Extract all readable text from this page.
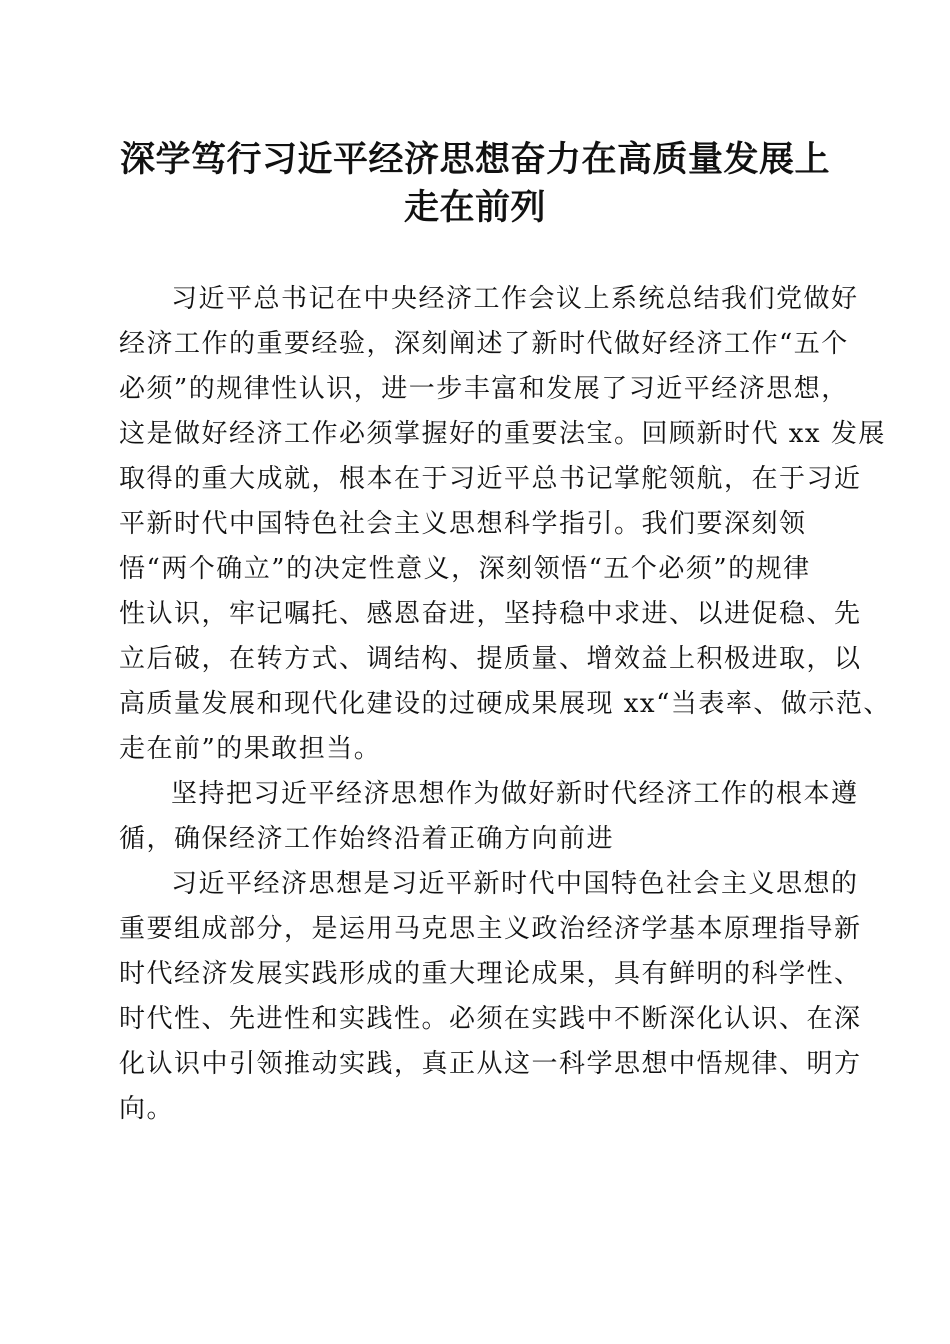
深学笃行习近平经济思想奋力在高质量发展上
走在前列
习近平总书记在中央经济工作会议上系统总结我们党做好
经济工作的重要经验，深刻阐述了新时代做好经济工作“五个
必须”的规律性认识，进一步丰富和发展了习近平经济思想，
这是做好经济工作必须掌握好的重要法宝。回顾新时代 xx 发展
取得的重大成就，根本在于习近平总书记掌舵领航，在于习近
平新时代中国特色社会主义思想科学指引。我们要深刻领
悟“两个确立”的决定性意义，深刻领悟“五个必须”的规律
性认识，牢记嘱托、感恩奋进，坚持稳中求进、以进促稳、先
立后破，在转方式、调结构、提质量、增效益上积极进取，以
高质量发展和现代化建设的过硬成果展现 xx“当表率、做示范、
走在前”的果敢担当。
坚持把习近平经济思想作为做好新时代经济工作的根本遵
循，确保经济工作始终沿着正确方向前进
习近平经济思想是习近平新时代中国特色社会主义思想的
重要组成部分，是运用马克思主义政治经济学基本原理指导新
时代经济发展实践形成的重大理论成果，具有鲜明的科学性、
时代性、先进性和实践性。必须在实践中不断深化认识、在深
化认识中引领推动实践，真正从这一科学思想中悟规律、明方
向。
